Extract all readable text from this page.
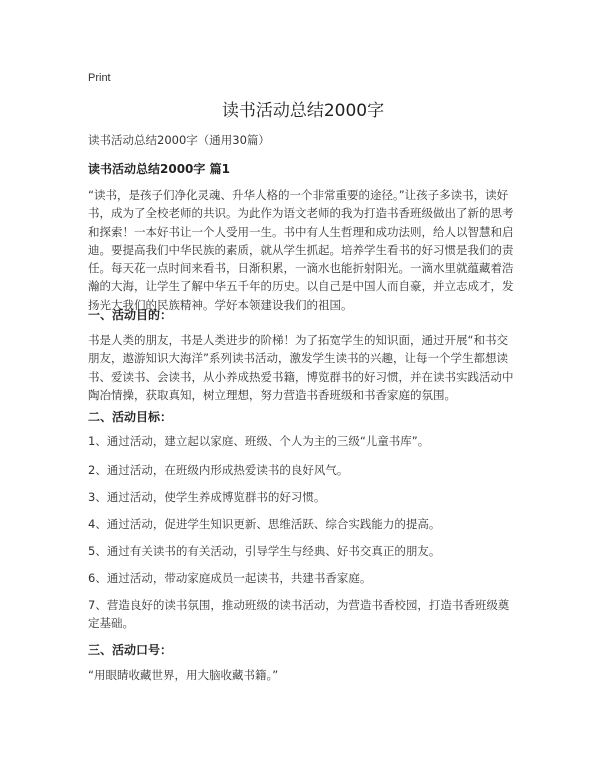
Print
读书活动总结2000字
读书活动总结2000字（通用30篇）
读书活动总结2000字 篇1

“读书，是孩子们净化灵魂、升华人格的一个非常重要的途径。”让孩子多读书，读好书，成为了全校老师的共识。为此作为语文老师的我为打造书香班级做出了新的思考和探索！一本好书让一个人受用一生。书中有人生哲理和成功法则，给人以智慧和启迪。要提高我们中华民族的素质，就从学生抓起。培养学生看书的好习惯是我们的责任。每天花一点时间来看书，日渐积累，一滴水也能折射阳光。一滴水里就蕴藏着浩瀚的大海，让学生了解中华五千年的历史。以自己是中国人而自豪，并立志成才，发扬光大我们的民族精神。学好本领建设我们的祖国。

一、活动目的：

书是人类的朋友，书是人类进步的阶梯！为了拓宽学生的知识面，通过开展“和书交朋友，遨游知识大海洋”系列读书活动，激发学生读书的兴趣，让每一个学生都想读书、爱读书、会读书，从小养成热爱书籍，博览群书的好习惯，并在读书实践活动中陶冶情操，获取真知，树立理想，努力营造书香班级和书香家庭的氛围。

二、活动目标：

1、通过活动，建立起以家庭、班级、个人为主的三级“儿童书库”。

2、通过活动，在班级内形成热爱读书的良好风气。

3、通过活动，使学生养成博览群书的好习惯。

4、通过活动，促进学生知识更新、思维活跃、综合实践能力的提高。

5、通过有关读书的有关活动，引导学生与经典、好书交真正的朋友。

6、通过活动，带动家庭成员一起读书，共建书香家庭。

7、营造良好的读书氛围，推动班级的读书活动，为营造书香校园，打造书香班级奠定基础。

三、活动口号：

“用眼睛收藏世界，用大脑收藏书籍。”
